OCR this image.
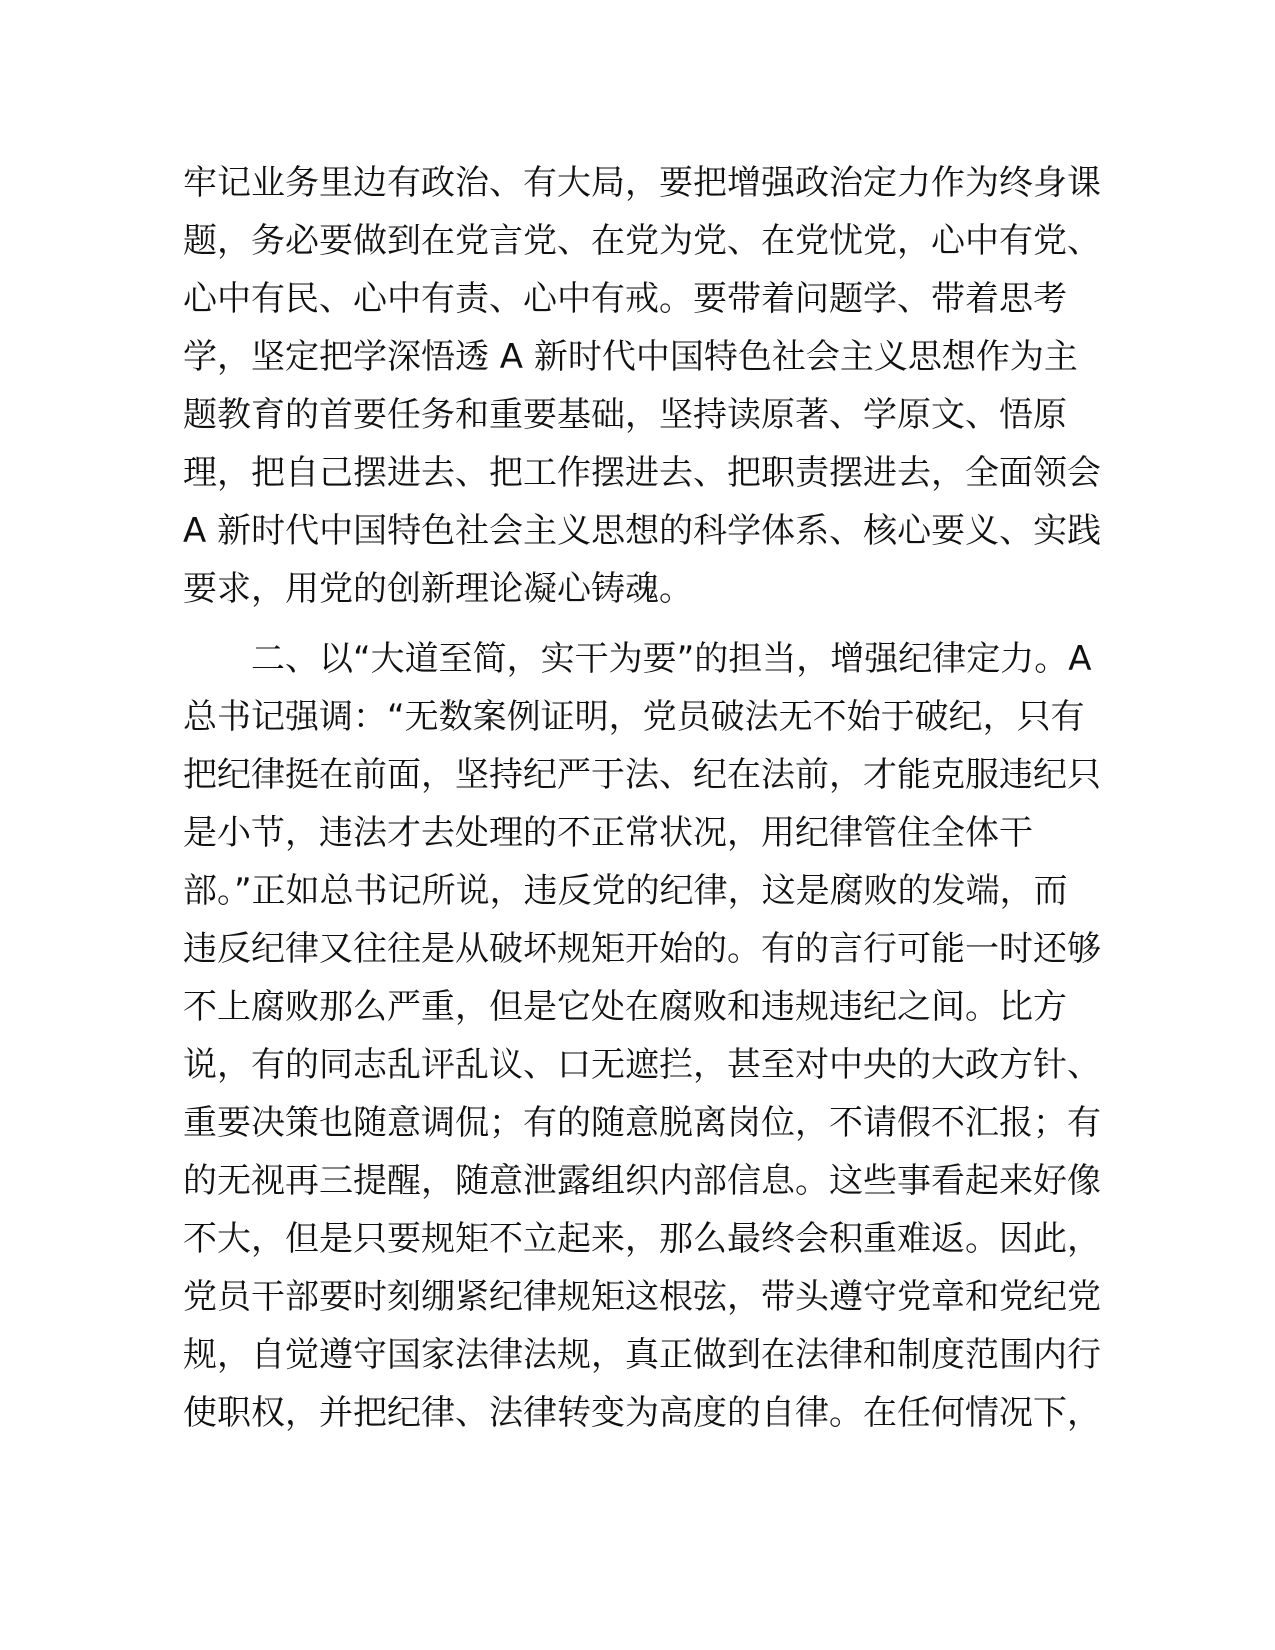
牢记业务里边有政治、有大局，要把增强政治定力作为终身课
题，务必要做到在党言党、在党为党、在党忧党，心中有党、
心中有民、心中有责、心中有戒。要带着问题学、带着思考
学，坚定把学深悟透 A 新时代中国特色社会主义思想作为主
题教育的首要任务和重要基础，坚持读原著、学原文、悟原
理，把自己摆进去、把工作摆进去、把职责摆进去，全面领会
A 新时代中国特色社会主义思想的科学体系、核心要义、实践
要求，用党的创新理论凝心铸魂。
　　二、以“大道至简，实干为要”的担当，增强纪律定力。A
总书记强调：“无数案例证明，党员破法无不始于破纪，只有
把纪律挺在前面，坚持纪严于法、纪在法前，才能克服违纪只
是小节，违法才去处理的不正常状况，用纪律管住全体干
部。”正如总书记所说，违反党的纪律，这是腐败的发端，而
违反纪律又往往是从破坏规矩开始的。有的言行可能一时还够
不上腐败那么严重，但是它处在腐败和违规违纪之间。比方
说，有的同志乱评乱议、口无遮拦，甚至对中央的大政方针、
重要决策也随意调侃；有的随意脱离岗位，不请假不汇报；有
的无视再三提醒，随意泄露组织内部信息。这些事看起来好像
不大，但是只要规矩不立起来，那么最终会积重难返。因此，
党员干部要时刻绷紧纪律规矩这根弦，带头遵守党章和党纪党
规，自觉遵守国家法律法规，真正做到在法律和制度范围内行
使职权，并把纪律、法律转变为高度的自律。在任何情况下，
